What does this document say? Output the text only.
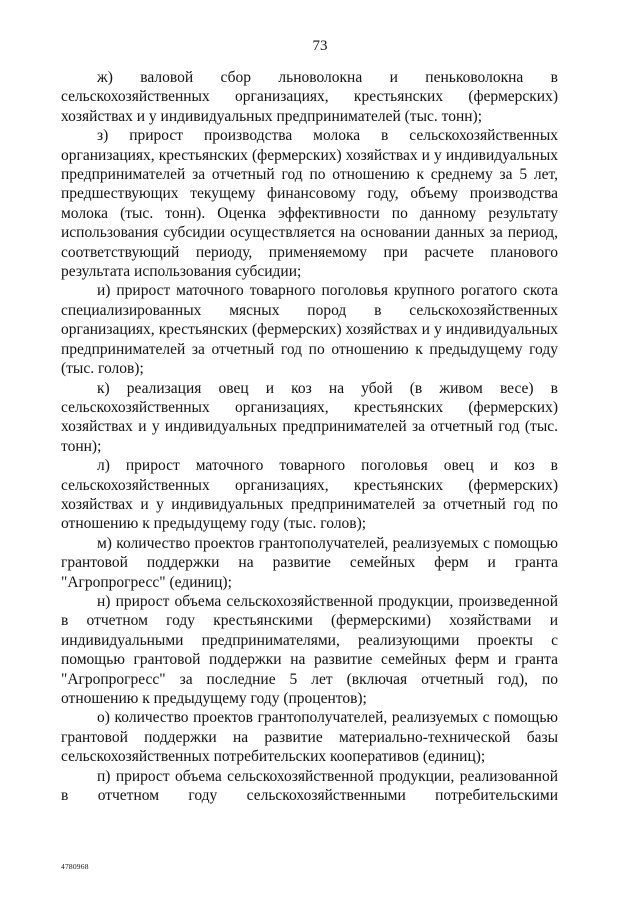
73

ж) валовой сбор льноволокна и пеньковолокна в сельскохозяйственных организациях, крестьянских (фермерских) хозяйствах и у индивидуальных предпринимателей (тыс. тонн);

з) прирост производства молока в сельскохозяйственных организациях, крестьянских (фермерских) хозяйствах и у индивидуальных предпринимателей за отчетный год по отношению к среднему за 5 лет, предшествующих текущему финансовому году, объему производства молока (тыс. тонн). Оценка эффективности по данному результату использования субсидии осуществляется на основании данных за период, соответствующий периоду, применяемому при расчете планового результата использования субсидии;

и) прирост маточного товарного поголовья крупного рогатого скота специализированных мясных пород в сельскохозяйственных организациях, крестьянских (фермерских) хозяйствах и у индивидуальных предпринимателей за отчетный год по отношению к предыдущему году (тыс. голов);

к) реализация овец и коз на убой (в живом весе) в сельскохозяйственных организациях, крестьянских (фермерских) хозяйствах и у индивидуальных предпринимателей за отчетный год (тыс. тонн);

л) прирост маточного товарного поголовья овец и коз в сельскохозяйственных организациях, крестьянских (фермерских) хозяйствах и у индивидуальных предпринимателей за отчетный год по отношению к предыдущему году (тыс. голов);

м) количество проектов грантополучателей, реализуемых с помощью грантовой поддержки на развитие семейных ферм и гранта "Агропрогресс" (единиц);

н) прирост объема сельскохозяйственной продукции, произведенной в отчетном году крестьянскими (фермерскими) хозяйствами и индивидуальными предпринимателями, реализующими проекты с помощью грантовой поддержки на развитие семейных ферм и гранта "Агропрогресс" за последние 5 лет (включая отчетный год), по отношению к предыдущему году (процентов);

о) количество проектов грантополучателей, реализуемых с помощью грантовой поддержки на развитие материально-технической базы сельскохозяйственных потребительских кооперативов (единиц);

п) прирост объема сельскохозяйственной продукции, реализованной в отчетном году сельскохозяйственными потребительскими

4780968
